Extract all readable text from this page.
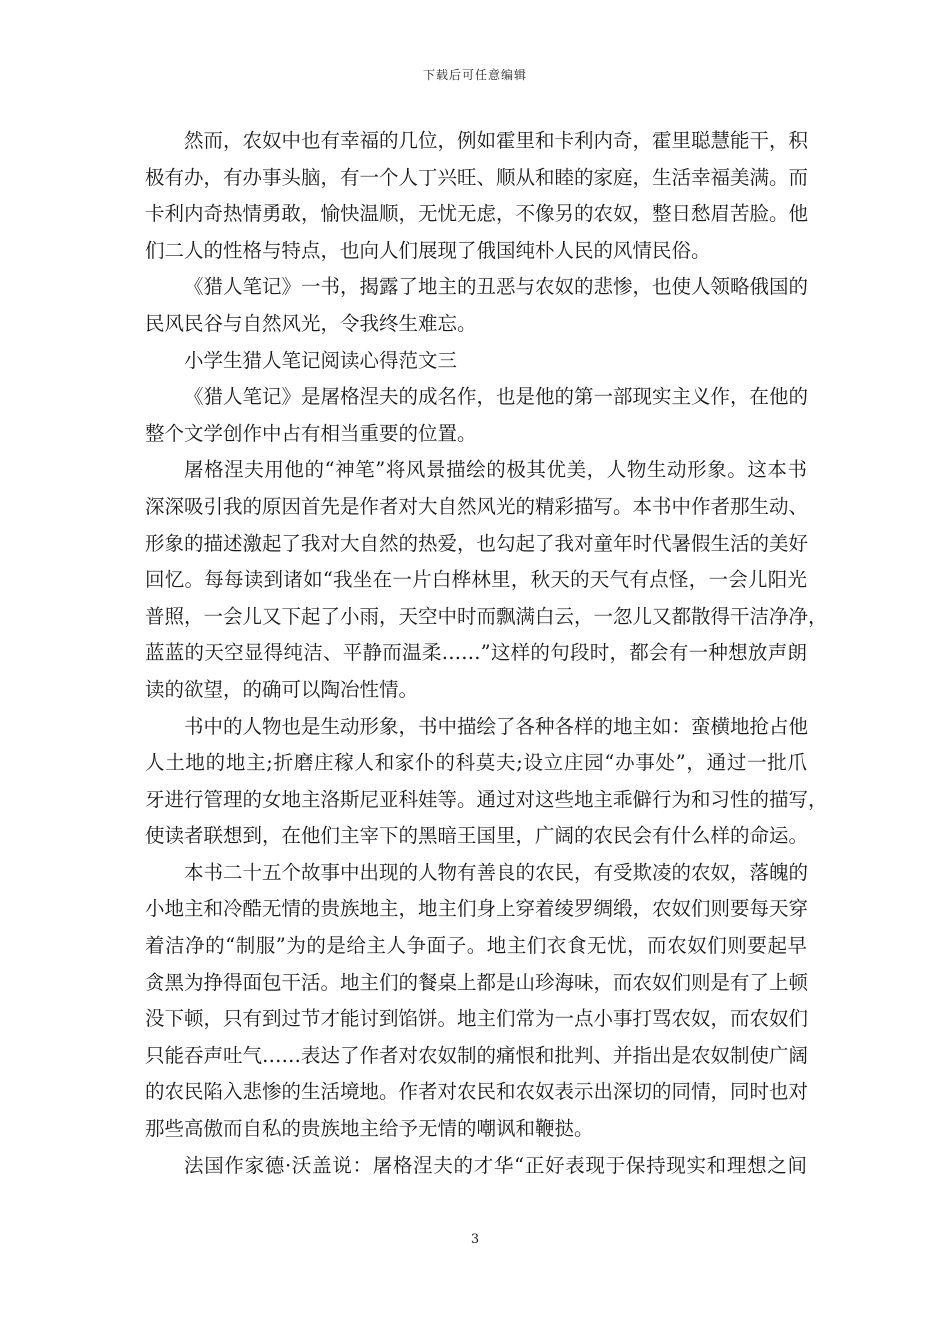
下载后可任意编辑
然而，农奴中也有幸福的几位，例如霍里和卡利内奇，霍里聪慧能干，积
极有办，有办事头脑，有一个人丁兴旺、顺从和睦的家庭，生活幸福美满。而
卡利内奇热情勇敢，愉快温顺，无忧无虑，不像另的农奴，整日愁眉苦脸。他
们二人的性格与特点，也向人们展现了俄国纯朴人民的风情民俗。
《猎人笔记》一书，揭露了地主的丑恶与农奴的悲惨，也使人领略俄国的
民风民谷与自然风光，令我终生难忘。
小学生猎人笔记阅读心得范文三
《猎人笔记》是屠格涅夫的成名作，也是他的第一部现实主义作，在他的
整个文学创作中占有相当重要的位置。
屠格涅夫用他的“神笔”将风景描绘的极其优美，人物生动形象。这本书
深深吸引我的原因首先是作者对大自然风光的精彩描写。本书中作者那生动、
形象的描述激起了我对大自然的热爱，也勾起了我对童年时代暑假生活的美好
回忆。每每读到诸如“我坐在一片白桦林里，秋天的天气有点怪，一会儿阳光
普照，一会儿又下起了小雨，天空中时而飘满白云，一忽儿又都散得干洁净净，
蓝蓝的天空显得纯洁、平静而温柔……”这样的句段时，都会有一种想放声朗
读的欲望，的确可以陶冶性情。
书中的人物也是生动形象，书中描绘了各种各样的地主如：蛮横地抢占他
人土地的地主;折磨庄稼人和家仆的科莫夫;设立庄园“办事处”，通过一批爪
牙进行管理的女地主洛斯尼亚科娃等。通过对这些地主乖僻行为和习性的描写，
使读者联想到，在他们主宰下的黑暗王国里，广阔的农民会有什么样的命运。
本书二十五个故事中出现的人物有善良的农民，有受欺凌的农奴，落魄的
小地主和冷酷无情的贵族地主，地主们身上穿着绫罗绸缎，农奴们则要每天穿
着洁净的“制服”为的是给主人争面子。地主们衣食无忧，而农奴们则要起早
贪黑为挣得面包干活。地主们的餐桌上都是山珍海味，而农奴们则是有了上顿
没下顿，只有到过节才能讨到馅饼。地主们常为一点小事打骂农奴，而农奴们
只能吞声吐气……表达了作者对农奴制的痛恨和批判、并指出是农奴制使广阔
的农民陷入悲惨的生活境地。作者对农民和农奴表示出深切的同情，同时也对
那些高傲而自私的贵族地主给予无情的嘲讽和鞭挞。
法国作家德·沃盖说：屠格涅夫的才华“正好表现于保持现实和理想之间
3
